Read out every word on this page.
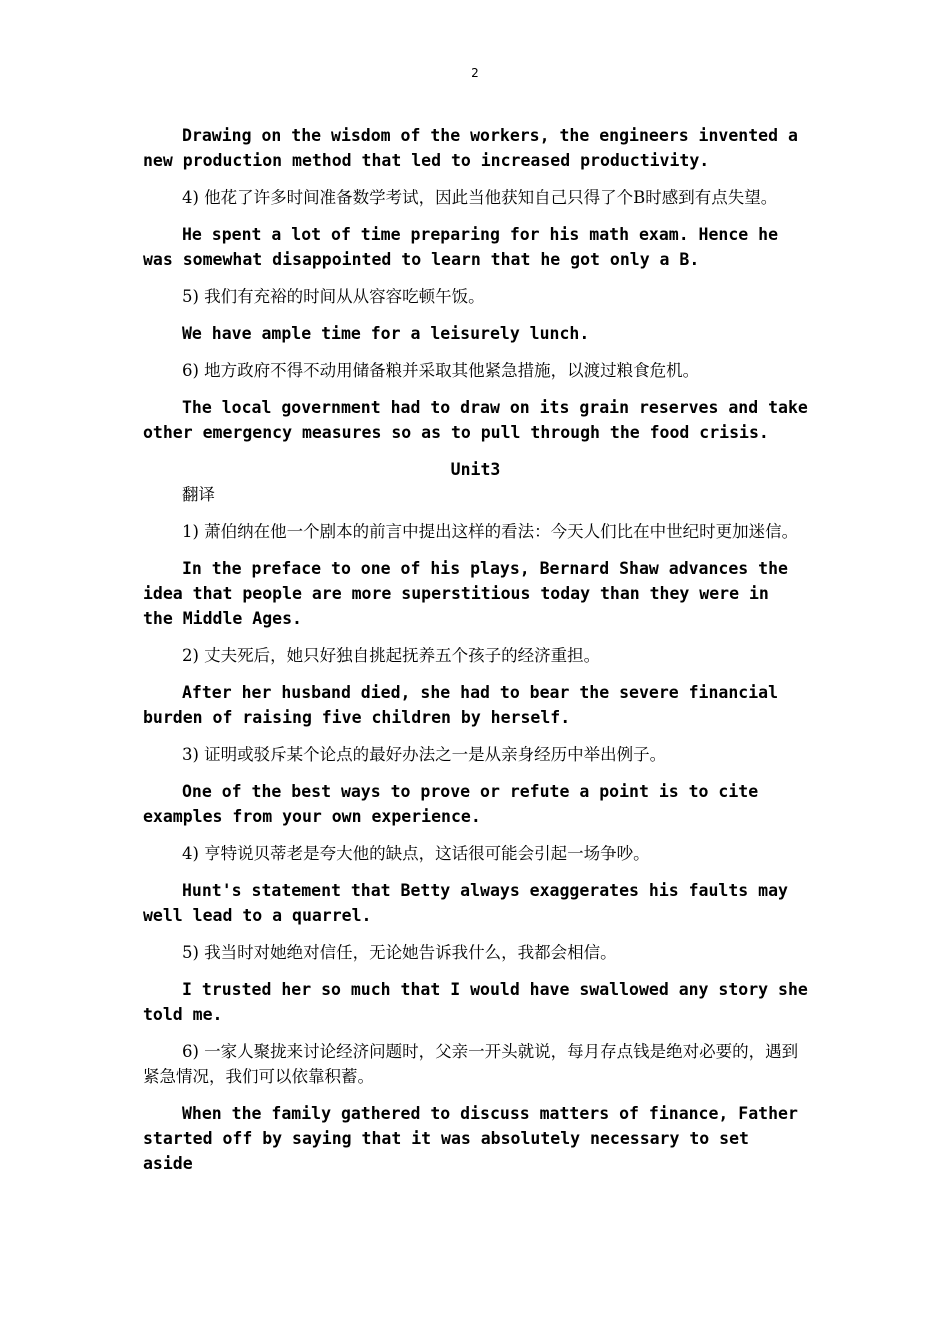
2

Drawing on the wisdom of the workers, the engineers invented a new production method that led to increased productivity.

4) 他花了许多时间准备数学考试，因此当他获知自己只得了个B时感到有点失望。

He spent a lot of time preparing for his math exam. Hence he was somewhat disappointed to learn that he got only a B.

5) 我们有充裕的时间从从容容吃顿午饭。

We have ample time for a leisurely lunch.

6) 地方政府不得不动用储备粮并采取其他紧急措施，以渡过粮食危机。

The local government had to draw on its grain reserves and take other emergency measures so as to pull through the food crisis.

Unit3

翻译

1) 萧伯纳在他一个剧本的前言中提出这样的看法：今天人们比在中世纪时更加迷信。

In the preface to one of his plays, Bernard Shaw advances the idea that people are more superstitious today than they were in the Middle Ages.

2) 丈夫死后，她只好独自挑起抚养五个孩子的经济重担。

After her husband died, she had to bear the severe financial burden of raising five children by herself.

3) 证明或驳斥某个论点的最好办法之一是从亲身经历中举出例子。

One of the best ways to prove or refute a point is to cite examples from your own experience.

4) 亨特说贝蒂老是夸大他的缺点，这话很可能会引起一场争吵。

Hunt's statement that Betty always exaggerates his faults may well lead to a quarrel.

5) 我当时对她绝对信任，无论她告诉我什么，我都会相信。

I trusted her so much that I would have swallowed any story she told me.

6) 一家人聚拢来讨论经济问题时，父亲一开头就说，每月存点钱是绝对必要的，遇到紧急情况，我们可以依靠积蓄。

When the family gathered to discuss matters of finance, Father started off by saying that it was absolutely necessary to set aside
